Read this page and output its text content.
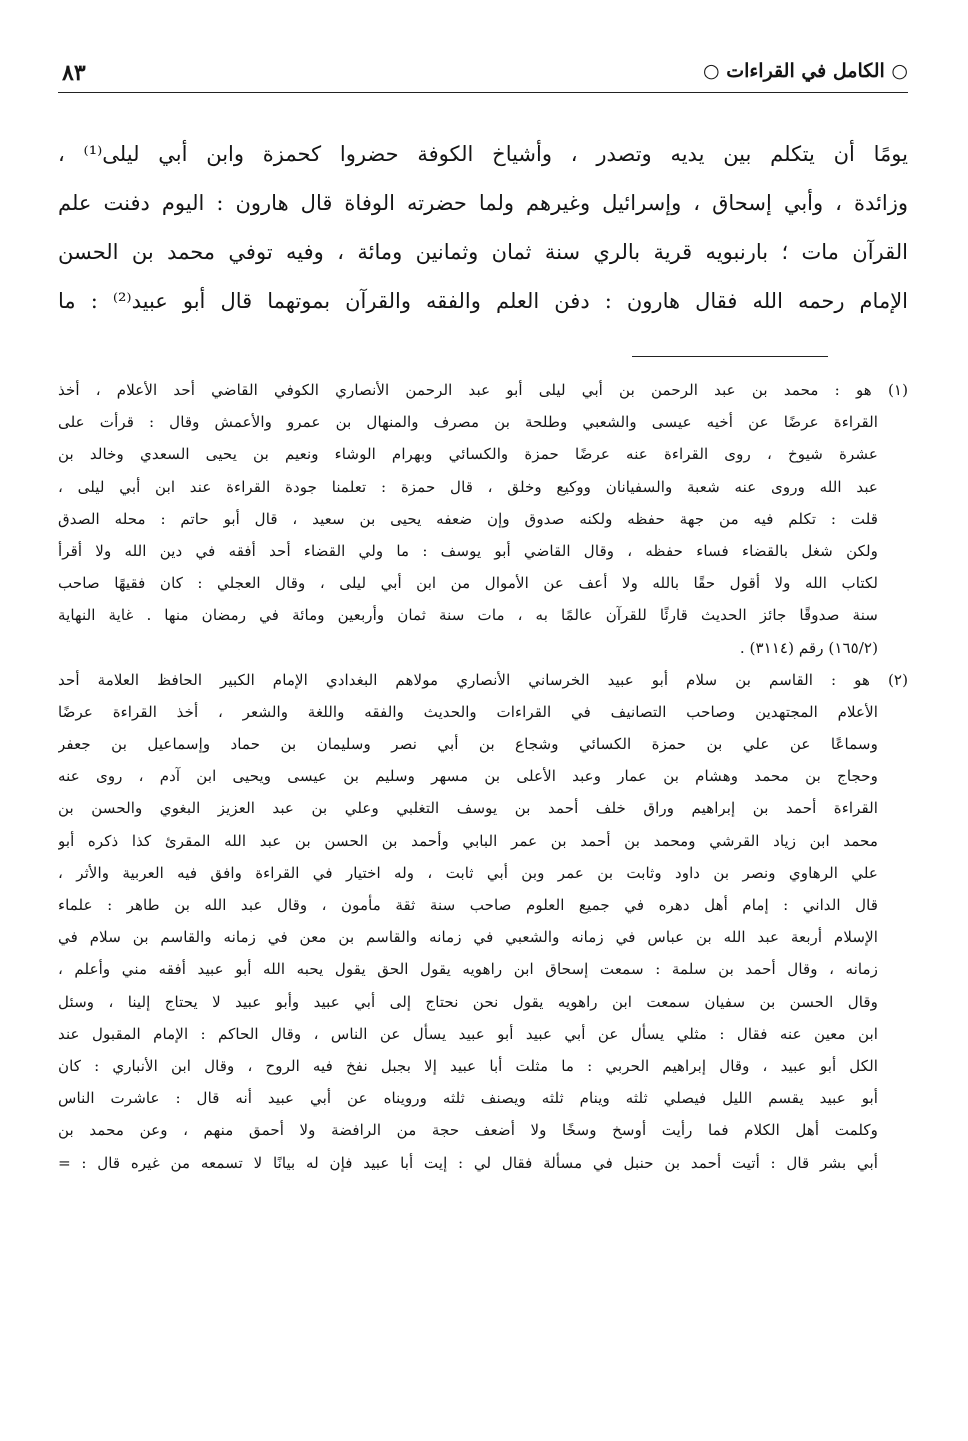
○ الكامل في القراءات ○
٨٣
يومًا أن يتكلم بين يديه وتصدر ، وأشياخ الكوفة حضروا كحمزة وابن أبي ليلى⁽¹⁾ ،
وزائدة ، وأبي إسحاق ، وإسرائيل وغيرهم ولما حضرته الوفاة قال هارون : اليوم دفنت علم
القرآن مات ؛ بارنبويه قرية بالري سنة ثمان وثمانين ومائة ، وفيه توفي محمد بن الحسن
الإمام رحمه الله فقال هارون : دفن العلم والفقه والقرآن بموتهما قال أبو عبيد⁽²⁾ : ما
(١) هو : محمد بن عبد الرحمن بن أبي ليلى أبو عبد الرحمن الأنصاري الكوفي القاضي أحد الأعلام ، أخذ
القراءة عرضًا عن أخيه عيسى والشعبي وطلحة بن مصرف والمنهال بن عمرو والأعمش وقال : قرأت على
عشرة شيوخ ، روى القراءة عنه عرضًا حمزة والكسائي وبهرام الوشاء ونعيم بن يحيى السعدي وخالد بن
عبد الله وروى عنه شعبة والسفيانان ووكيع وخلق ، قال حمزة : تعلمنا جودة القراءة عند ابن أبي ليلى ،
قلت : تكلم فيه من جهة حفظه ولكنه صدوق وإن ضعفه يحيى بن سعيد ، قال أبو حاتم : محله الصدق
ولكن شغل بالقضاء فساء حفظه ، وقال القاضي أبو يوسف : ما ولي القضاء أحد أفقه في دين الله ولا أقرأ
لكتاب الله ولا أقول حقًا بالله ولا أعف عن الأموال من ابن أبي ليلى ، وقال العجلي : كان فقيهًا صاحب
سنة صدوقًا جائز الحديث قارئًا للقرآن عالمًا به ، مات سنة ثمان وأربعين ومائة في رمضان منها . غاية النهاية
(١٦٥/٢) رقم (٣١١٤) .
(٢) هو : القاسم بن سلام أبو عبيد الخرساني الأنصاري مولاهم البغدادي الإمام الكبير الحافظ العلامة أحد
الأعلام المجتهدين وصاحب التصانيف في القراءات والحديث والفقه واللغة والشعر ، أخذ القراءة عرضًا
وسماعًا عن علي بن حمزة الكسائي وشجاع بن أبي نصر وسليمان بن حماد وإسماعيل بن جعفر
وحجاج بن محمد وهشام بن عمار وعبد الأعلى بن مسهر وسليم بن عيسى ويحيى ابن آدم ، روى عنه
القراءة أحمد بن إبراهيم وراق خلف أحمد بن يوسف التغلبي وعلي بن عبد العزيز البغوي والحسن بن
محمد ابن زياد القرشي ومحمد بن أحمد بن عمر البابي وأحمد بن الحسن بن عبد الله المقرئ كذا ذكره أبو
علي الرهاوي ونصر بن داود وثابت بن عمر وبن أبي ثابت ، وله اختيار في القراءة وافق فيه العربية والأثر ،
قال الداني : إمام أهل دهره في جميع العلوم صاحب سنة ثقة مأمون ، وقال عبد الله بن طاهر : علماء
الإسلام أربعة عبد الله بن عباس في زمانه والشعبي في زمانه والقاسم بن معن في زمانه والقاسم بن سلام في
زمانه ، وقال أحمد بن سلمة : سمعت إسحاق ابن راهويه يقول الحق يقول يحبه الله أبو عبيد أفقه مني وأعلم ،
وقال الحسن بن سفيان سمعت ابن راهويه يقول نحن نحتاج إلى أبي عبيد وأبو عبيد لا يحتاج إلينا ، وسئل
ابن معين عنه فقال : مثلي يسأل عن أبي عبيد أبو عبيد يسأل عن الناس ، وقال الحاكم : الإمام المقبول عند
الكل أبو عبيد ، وقال إبراهيم الحربي : ما مثلت أبا عبيد إلا بجبل نفخ فيه الروح ، وقال ابن الأنباري : كان
أبو عبيد يقسم الليل فيصلي ثلثه وينام ثلثه ويصنف ثلثه ورويناه عن أبي عبيد أنه قال : عاشرت الناس
وكلمت أهل الكلام فما رأيت أوسخ وسخًا ولا أضعف حجة من الرافضة ولا أحمق منهم ، وعن محمد بن
أبي بشر قال : أتيت أحمد بن حنبل في مسألة فقال لي : إيت أبا عبيد فإن له بيانًا لا تسمعه من غيره قال : =
